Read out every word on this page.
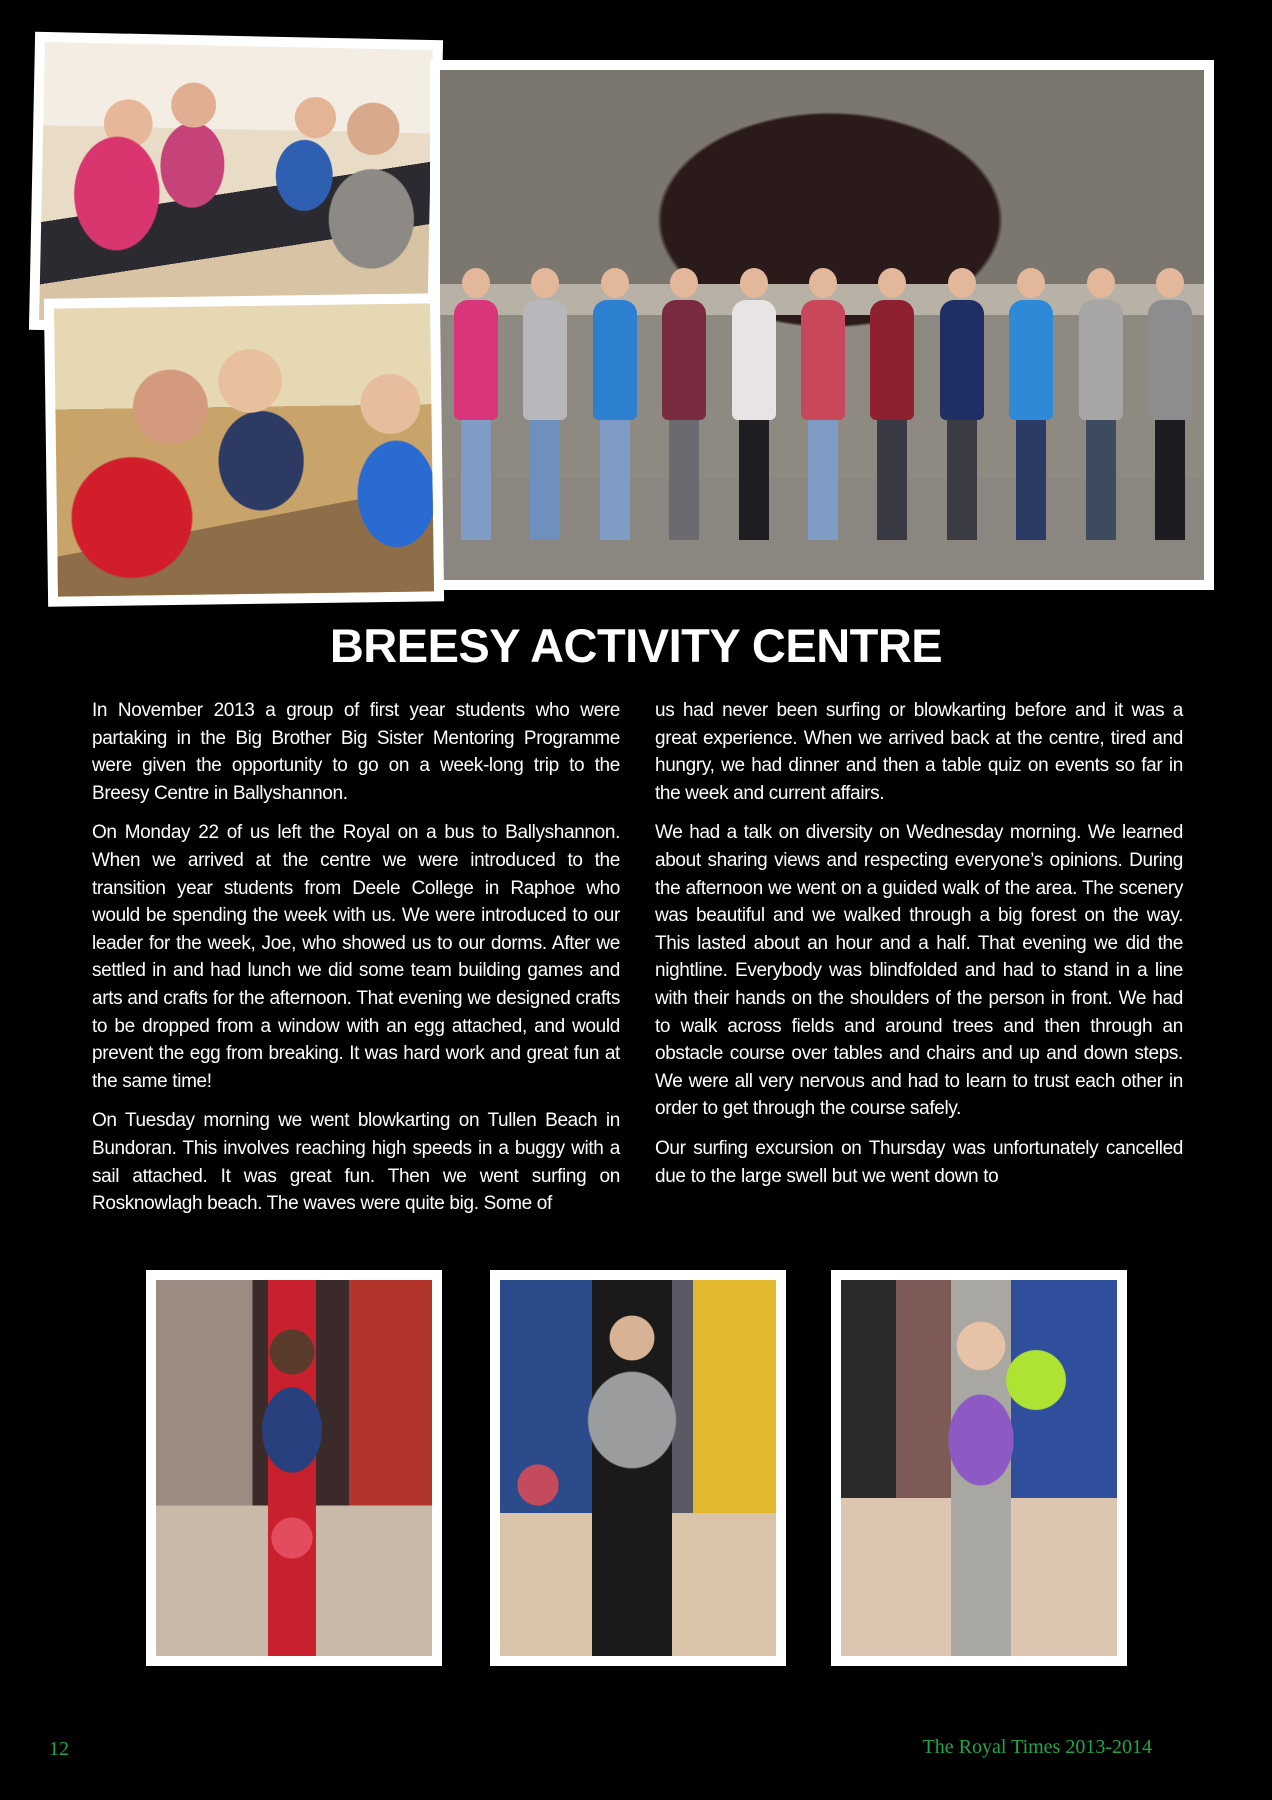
BREESY ACTIVITY CENTRE

In November 2013 a group of first year students who were partaking in the Big Brother Big Sister Mentoring Programme were given the opportunity to go on a week-long trip to the Breesy Centre in Ballyshannon.

On Monday 22 of us left the Royal on a bus to Ballyshannon. When we arrived at the centre we were introduced to the transition year students from Deele College in Raphoe who would be spending the week with us. We were introduced to our leader for the week, Joe, who showed us to our dorms. After we settled in and had lunch we did some team building games and arts and crafts for the afternoon. That evening we designed crafts to be dropped from a window with an egg attached, and would prevent the egg from breaking. It was hard work and great fun at the same time!

On Tuesday morning we went blowkarting on Tullen Beach in Bundoran. This involves reaching high speeds in a buggy with a sail attached. It was great fun. Then we went surfing on Rosknowlagh beach. The waves were quite big. Some of

us had never been surfing or blowkarting before and it was a great experience. When we arrived back at the centre, tired and hungry, we had dinner and then a table quiz on events so far in the week and current affairs.

We had a talk on diversity on Wednesday morning. We learned about sharing views and respecting everyone’s opinions. During the afternoon we went on a guided walk of the area. The scenery was beautiful and we walked through a big forest on the way. This lasted about an hour and a half. That evening we did the nightline. Everybody was blindfolded and had to stand in a line with their hands on the shoulders of the person in front. We had to walk across fields and around trees and then through an obstacle course over tables and chairs and up and down steps. We were all very nervous and had to learn to trust each other in order to get through the course safely.

Our surfing excursion on Thursday was unfortunately cancelled due to the large swell but we went down to

12	The Royal Times 2013-2014
